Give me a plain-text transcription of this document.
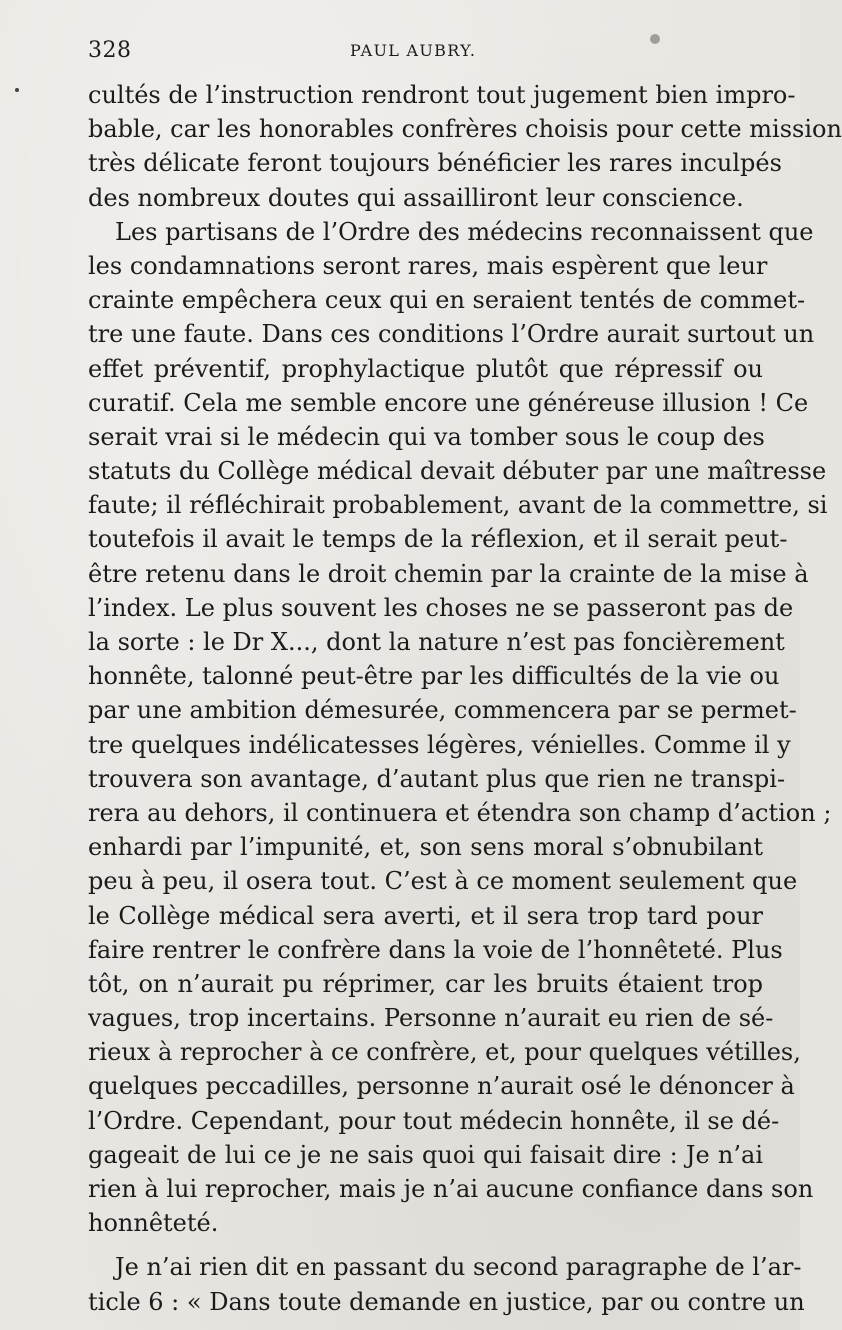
328	PAUL AUBRY.
cultés de l’instruction rendront tout jugement bien impro-
bable, car les honorables confrères choisis pour cette mission
très délicate feront toujours bénéficier les rares inculpés
des nombreux doutes qui assailliront leur conscience.
Les partisans de l’Ordre des médecins reconnaissent que
les condamnations seront rares, mais espèrent que leur
crainte empêchera ceux qui en seraient tentés de commet-
tre une faute. Dans ces conditions l’Ordre aurait surtout un
effet préventif, prophylactique plutôt que répressif ou
curatif. Cela me semble encore une généreuse illusion ! Ce
serait vrai si le médecin qui va tomber sous le coup des
statuts du Collège médical devait débuter par une maîtresse
faute; il réfléchirait probablement, avant de la commettre, si
toutefois il avait le temps de la réflexion, et il serait peut-
être retenu dans le droit chemin par la crainte de la mise à
l’index. Le plus souvent les choses ne se passeront pas de
la sorte : le Dr X..., dont la nature n’est pas foncièrement
honnête, talonné peut-être par les difficultés de la vie ou
par une ambition démesurée, commencera par se permet-
tre quelques indélicatesses légères, vénielles. Comme il y
trouvera son avantage, d’autant plus que rien ne transpi-
rera au dehors, il continuera et étendra son champ d’action ;
enhardi par l’impunité, et, son sens moral s’obnubilant
peu à peu, il osera tout. C’est à ce moment seulement que
le Collège médical sera averti, et il sera trop tard pour
faire rentrer le confrère dans la voie de l’honnêteté. Plus
tôt, on n’aurait pu réprimer, car les bruits étaient trop
vagues, trop incertains. Personne n’aurait eu rien de sé-
rieux à reprocher à ce confrère, et, pour quelques vétilles,
quelques peccadilles, personne n’aurait osé le dénoncer à
l’Ordre. Cependant, pour tout médecin honnête, il se dé-
gageait de lui ce je ne sais quoi qui faisait dire : Je n’ai
rien à lui reprocher, mais je n’ai aucune confiance dans son
honnêteté.
Je n’ai rien dit en passant du second paragraphe de l’ar-
ticle 6 : « Dans toute demande en justice, par ou contre un
